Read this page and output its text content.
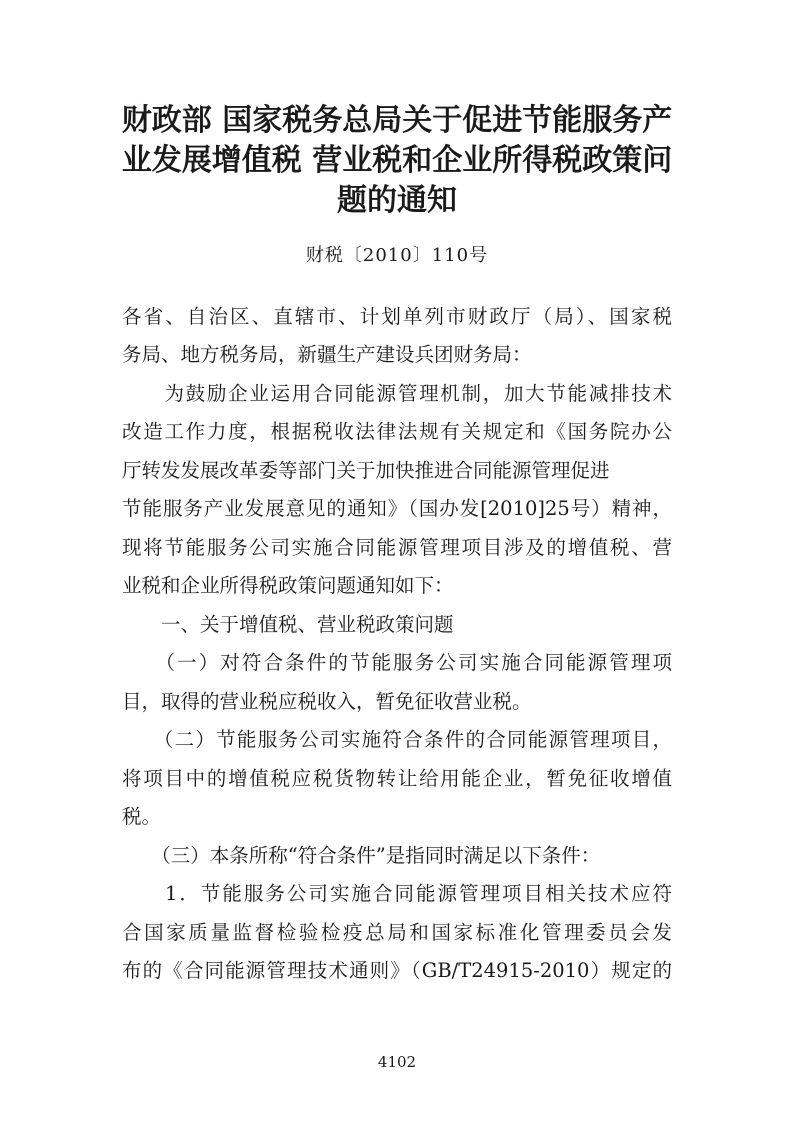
财政部 国家税务总局关于促进节能服务产
业发展增值税 营业税和企业所得税政策问
题的通知
财税〔2010〕110号
各省、自治区、直辖市、计划单列市财政厅（局）、国家税
务局、地方税务局，新疆生产建设兵团财务局：
　　为鼓励企业运用合同能源管理机制，加大节能减排技术
改造工作力度，根据税收法律法规有关规定和《国务院办公
厅转发发展改革委等部门关于加快推进合同能源管理促进
节能服务产业发展意见的通知》（国办发[2010]25号）精神，
现将节能服务公司实施合同能源管理项目涉及的增值税、营
业税和企业所得税政策问题通知如下：
　　一、关于增值税、营业税政策问题
　　（一）对符合条件的节能服务公司实施合同能源管理项
目，取得的营业税应税收入，暂免征收营业税。
　　（二）节能服务公司实施符合条件的合同能源管理项目，
将项目中的增值税应税货物转让给用能企业，暂免征收增值
税。
　　（三）本条所称“符合条件”是指同时满足以下条件：
　　1．节能服务公司实施合同能源管理项目相关技术应符
合国家质量监督检验检疫总局和国家标准化管理委员会发
布的《合同能源管理技术通则》（GB/T24915-2010）规定的
4102
